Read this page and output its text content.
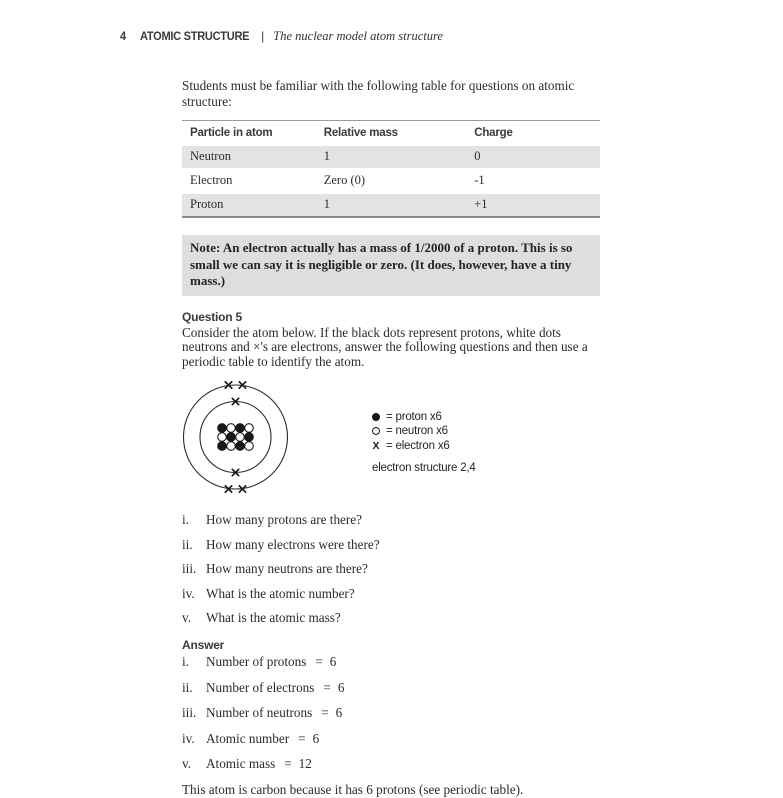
4 ATOMIC STRUCTURE | The nuclear model atom structure

Students must be familiar with the following table for questions on atomic structure:

Particle in atom	Relative mass	Charge
Neutron	1	0
Electron	Zero (0)	-1
Proton	1	+1
Note: An electron actually has a mass of 1/2000 of a proton. This is so small we can say it is negligible or zero. (It does, however, have a tiny mass.)
Question 5

Consider the atom below. If the black dots represent protons, white dots neutrons and ×'s are electrons, answer the following questions and then use a periodic table to identify the atom.

= proton x6
= neutron x6
X = electron x6
electron structure 2,4
i.	How many protons are there?
ii.	How many electrons were there?
iii. How many neutrons are there?
iv. What is the atomic number?
v.	What is the atomic mass?
Answer
i.	Number of protons = 6
ii.	Number of electrons = 6
iii. Number of neutrons = 6
iv. Atomic number = 6
v.	Atomic mass = 12

This atom is carbon because it has 6 protons (see periodic table).
